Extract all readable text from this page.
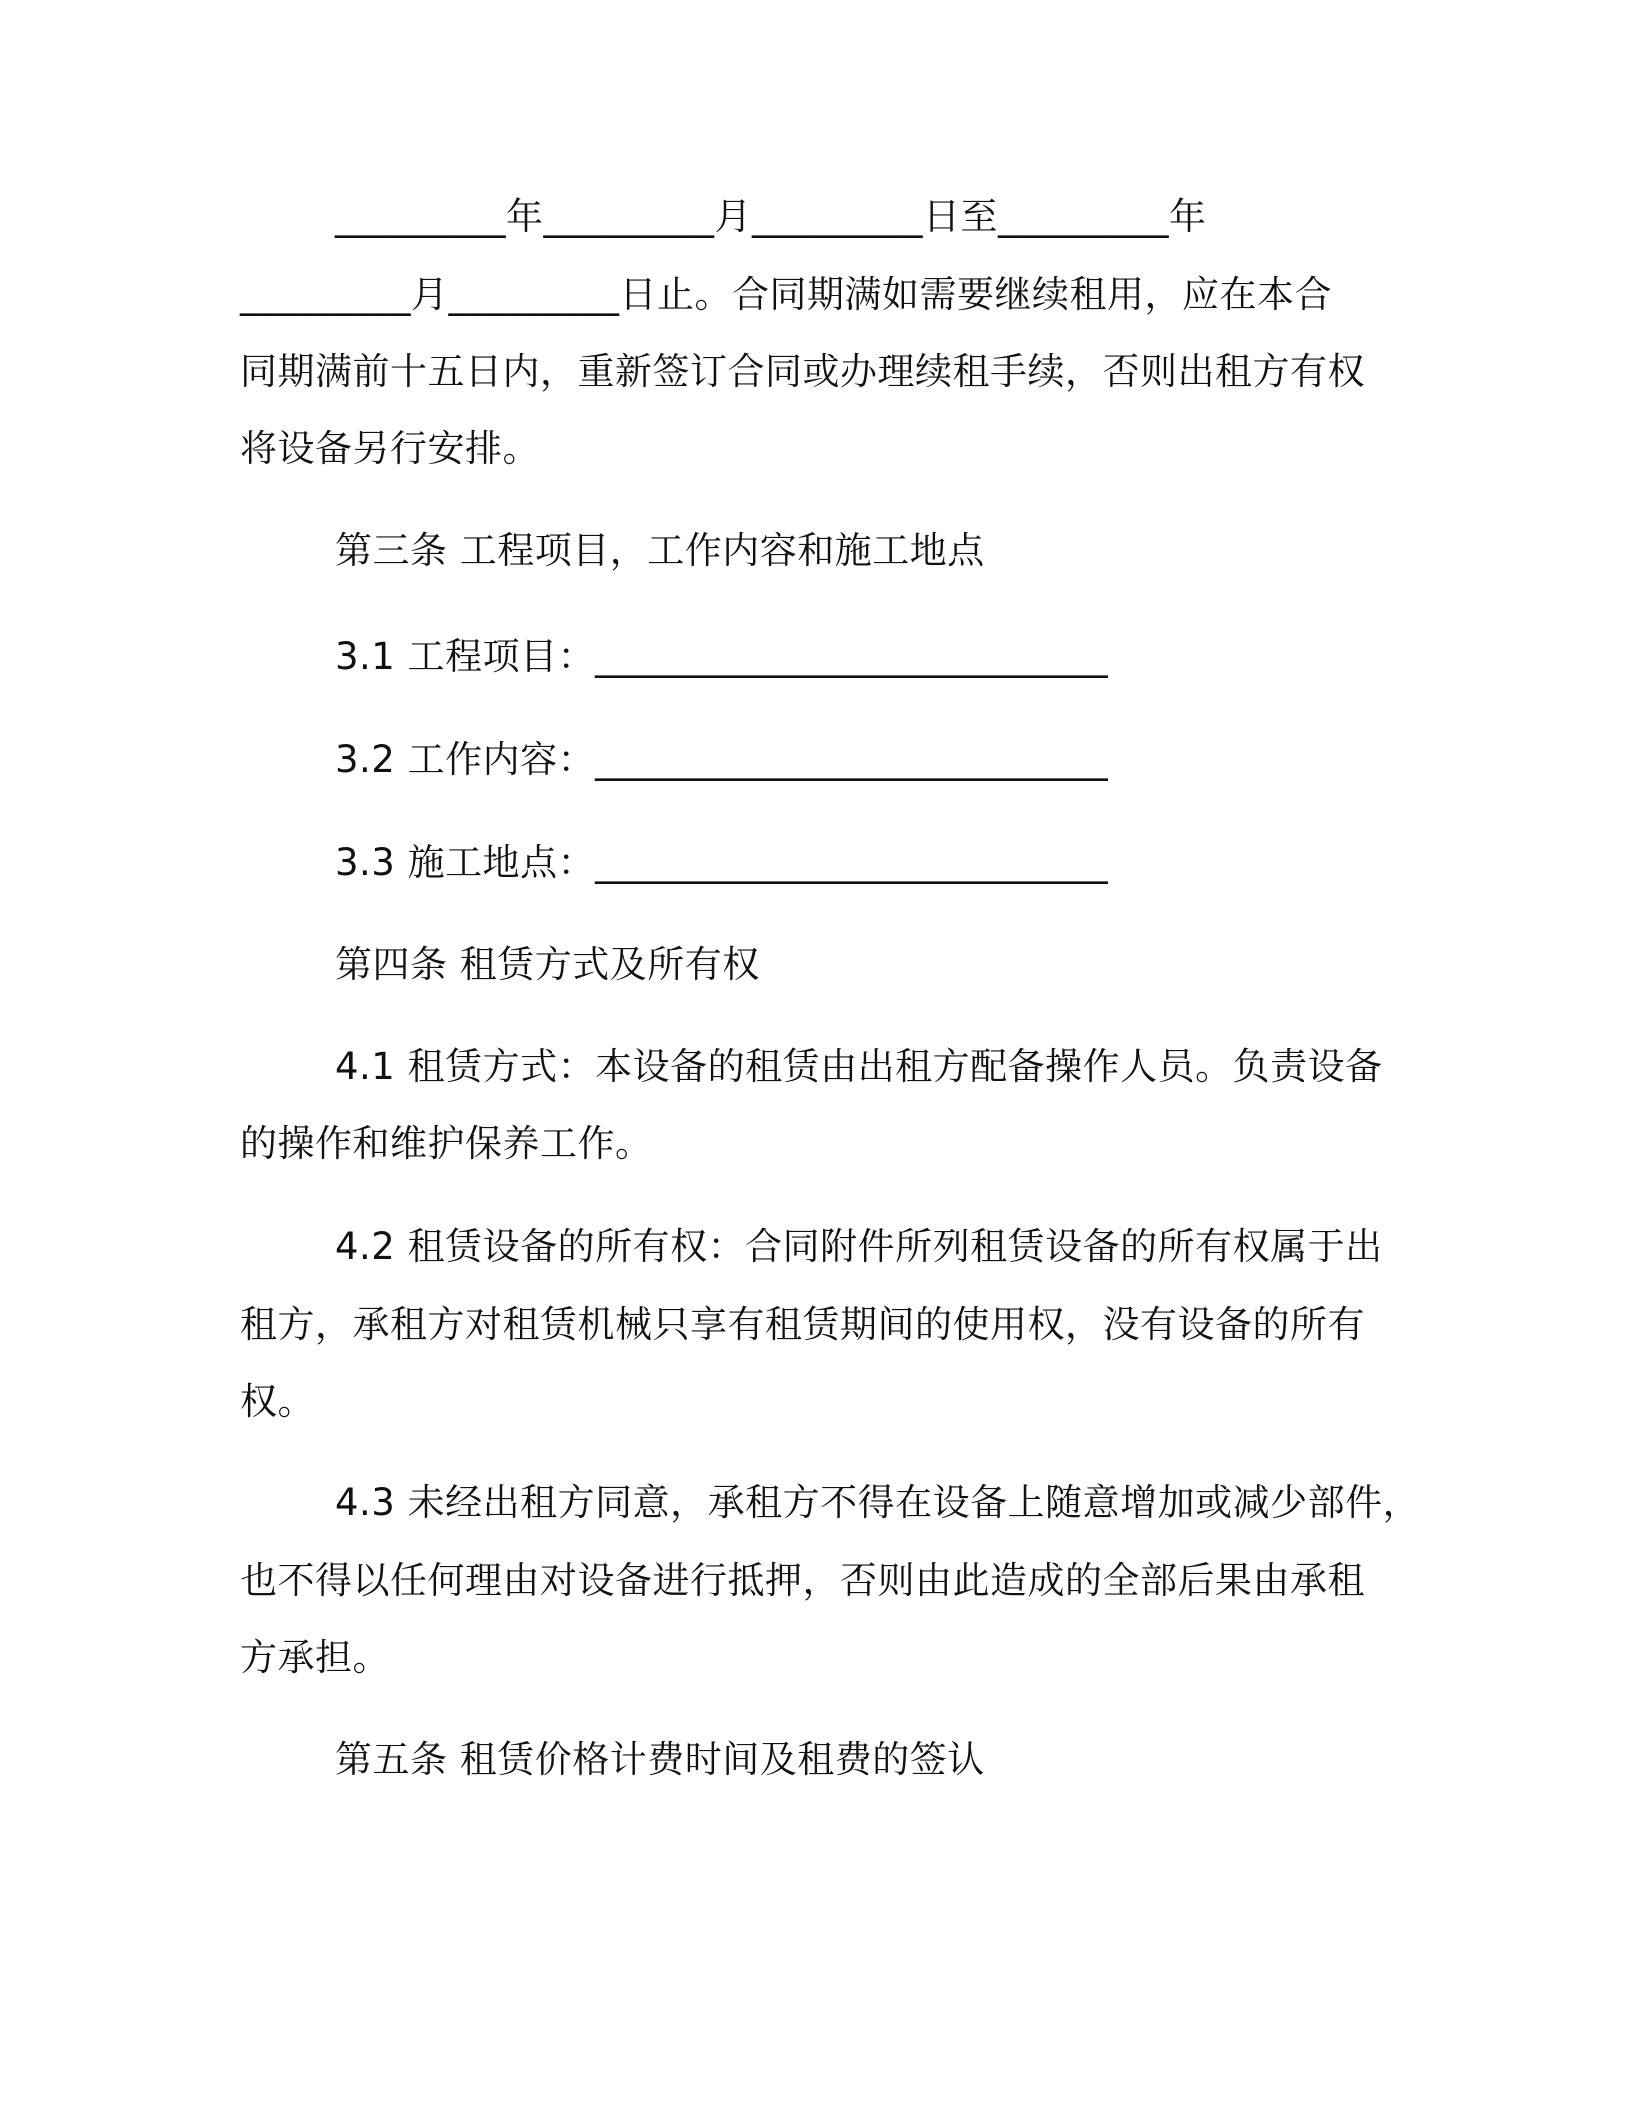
_________年_________月_________日至_________年

_________月_________日止。合同期满如需要继续租用，应在本合

同期满前十五日内，重新签订合同或办理续租手续，否则出租方有权

将设备另行安排。

第三条 工程项目，工作内容和施工地点

3.1 工程项目：___________________________

3.2 工作内容：___________________________

3.3 施工地点：___________________________

第四条 租赁方式及所有权

4.1 租赁方式：本设备的租赁由出租方配备操作人员。负责设备

的操作和维护保养工作。

4.2 租赁设备的所有权：合同附件所列租赁设备的所有权属于出

租方，承租方对租赁机械只享有租赁期间的使用权，没有设备的所有

权。

4.3 未经出租方同意，承租方不得在设备上随意增加或减少部件，

也不得以任何理由对设备进行抵押，否则由此造成的全部后果由承租

方承担。

第五条 租赁价格计费时间及租费的签认
